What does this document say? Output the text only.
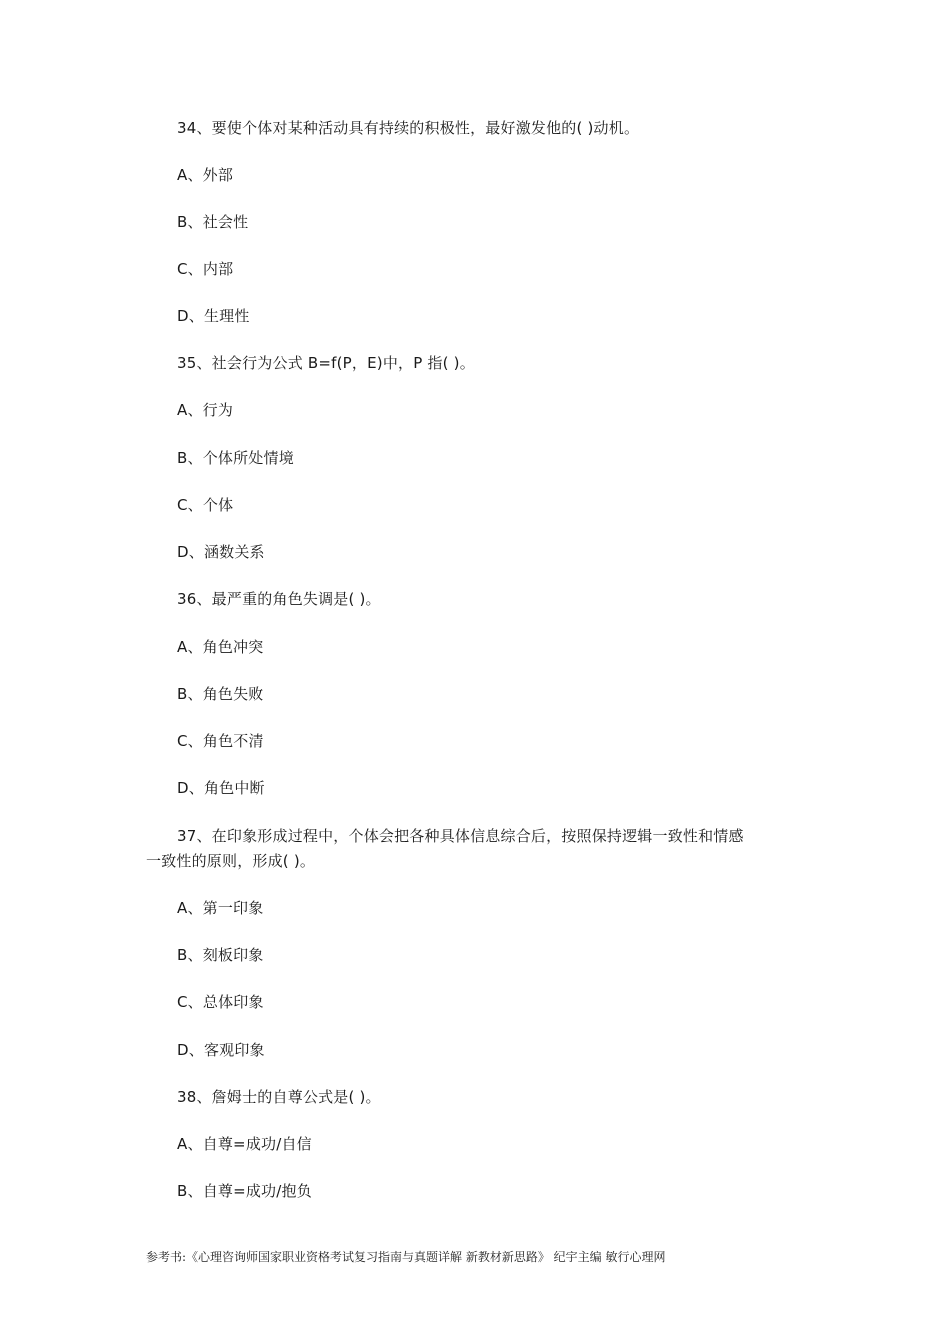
34、要使个体对某种活动具有持续的积极性，最好激发他的( )动机。
A、外部
B、社会性
C、内部
D、生理性
35、社会行为公式 B=f(P，E)中，P 指( )。
A、行为
B、个体所处情境
C、个体
D、涵数关系
36、最严重的角色失调是( )。
A、角色冲突
B、角色失败
C、角色不清
D、角色中断
37、在印象形成过程中，个体会把各种具体信息综合后，按照保持逻辑一致性和情感
一致性的原则，形成( )。
A、第一印象
B、刻板印象
C、总体印象
D、客观印象
38、詹姆士的自尊公式是( )。
A、自尊=成功/自信
B、自尊=成功/抱负
参考书:《心理咨询师国家职业资格考试复习指南与真题详解 新教材新思路》 纪宇主编 敏行心理网
